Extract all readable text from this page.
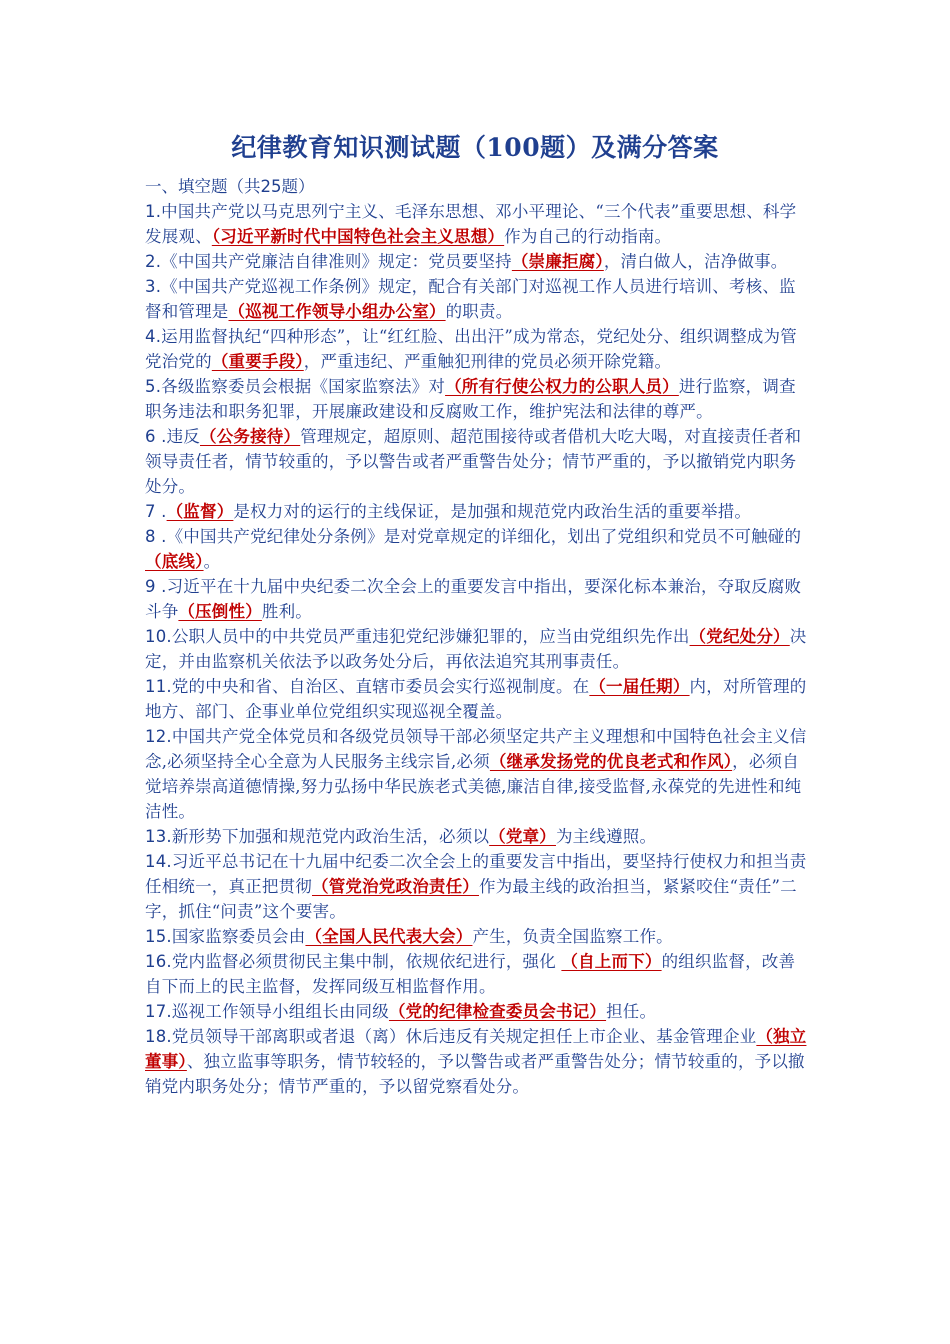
纪律教育知识测试题（100题）及满分答案
一、填空题（共25题）

1.中国共产党以马克思列宁主义、毛泽东思想、邓小平理论、“三个代表”重要思想、科学发展观、（习近平新时代中国特色社会主义思想）作为自己的行动指南。

2.《中国共产党廉洁自律准则》规定：党员要坚持（崇廉拒腐），清白做人，洁净做事。

3.《中国共产党巡视工作条例》规定，配合有关部门对巡视工作人员进行培训、考核、监督和管理是（巡视工作领导小组办公室）的职责。

4.运用监督执纪“四种形态”，让“红红脸、出出汗”成为常态，党纪处分、组织调整成为管党治党的（重要手段），严重违纪、严重触犯刑律的党员必须开除党籍。

5.各级监察委员会根据《国家监察法》对（所有行使公权力的公职人员）进行监察，调查职务违法和职务犯罪，开展廉政建设和反腐败工作，维护宪法和法律的尊严。

6 .违反（公务接待）管理规定，超原则、超范围接待或者借机大吃大喝，对直接责任者和领导责任者，情节较重的，予以警告或者严重警告处分；情节严重的，予以撤销党内职务处分。

7 .（监督）是权力对的运行的主线保证，是加强和规范党内政治生活的重要举措。

8 .《中国共产党纪律处分条例》是对党章规定的详细化，划出了党组织和党员不可触碰的（底线）。

9 .习近平在十九届中央纪委二次全会上的重要发言中指出，要深化标本兼治，夺取反腐败斗争（压倒性）胜利。

10.公职人员中的中共党员严重违犯党纪涉嫌犯罪的，应当由党组织先作出（党纪处分）决定，并由监察机关依法予以政务处分后，再依法追究其刑事责任。

11.党的中央和省、自治区、直辖市委员会实行巡视制度。在（一届任期）内，对所管理的地方、部门、企事业单位党组织实现巡视全覆盖。

12.中国共产党全体党员和各级党员领导干部必须坚定共产主义理想和中国特色社会主义信念,必须坚持全心全意为人民服务主线宗旨,必须（继承发扬党的优良老式和作风），必须自觉培养崇高道德情操,努力弘扬中华民族老式美德,廉洁自律,接受监督,永葆党的先进性和纯洁性。

13.新形势下加强和规范党内政治生活，必须以（党章）为主线遵照。

14.习近平总书记在十九届中纪委二次全会上的重要发言中指出，要坚持行使权力和担当责任相统一，真正把贯彻（管党治党政治责任）作为最主线的政治担当，紧紧咬住“责任”二字，抓住“问责”这个要害。

15.国家监察委员会由（全国人民代表大会）产生，负责全国监察工作。

16.党内监督必须贯彻民主集中制，依规依纪进行，强化 （自上而下）的组织监督，改善自下而上的民主监督，发挥同级互相监督作用。

17.巡视工作领导小组组长由同级（党的纪律检查委员会书记）担任。

18.党员领导干部离职或者退（离）休后违反有关规定担任上市企业、基金管理企业（独立董事）、独立监事等职务，情节较轻的，予以警告或者严重警告处分；情节较重的，予以撤销党内职务处分；情节严重的，予以留党察看处分。
